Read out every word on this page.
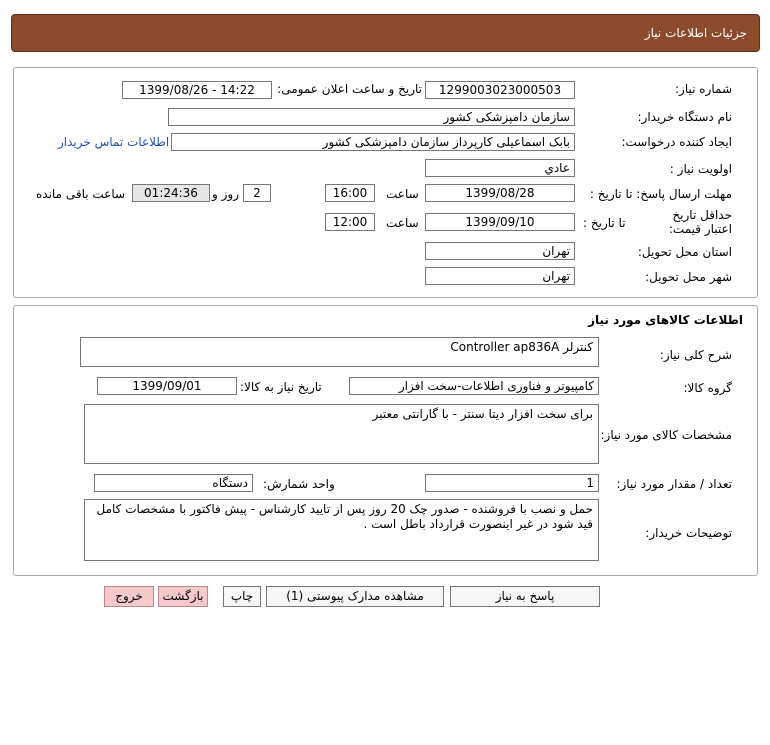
جزئیات اطلاعات نیاز
شماره نیاز:
1299003023000503
تاریخ و ساعت اعلان عمومی:
1399/08/26 - 14:22
نام دستگاه خریدار:
سازمان دامپزشکی کشور
ایجاد کننده درخواست:
بابک اسماعیلی کارپرداز سازمان دامپزشکی کشور
اطلاعات تماس خریدار
اولویت نیاز :
عادي
مهلت ارسال پاسخ: تا تاریخ :
1399/08/28
ساعت
16:00
2
روز و
01:24:36
ساعت باقی مانده
حداقل تاریخ اعتبار قیمت:
تا تاریخ :
1399/09/10
ساعت
12:00
استان محل تحویل:
تهران
شهر محل تحویل:
تهران
اطلاعات کالاهای مورد نیاز
شرح کلی نیاز:
کنترلر Controller ap836A
گروه کالا:
کامپیوتر و فناوری اطلاعات-سخت افزار
تاریخ نیاز به کالا:
1399/09/01
مشخصات کالای مورد نیاز:
برای سخت افزار دیتا سنتر - با گارانتی معتبر
تعداد / مقدار مورد نیاز:
1
واحد شمارش:
دستگاه
توضیحات خریدار:
حمل و نصب با فروشنده - صدور چک 20 روز پس از تایید کارشناس - پیش فاکتور با مشخصات کامل قید شود در غیر اینصورت قرارداد باطل است .
پاسخ به نیاز
مشاهده مدارک پیوستی (1)
چاپ
بازگشت
خروج
